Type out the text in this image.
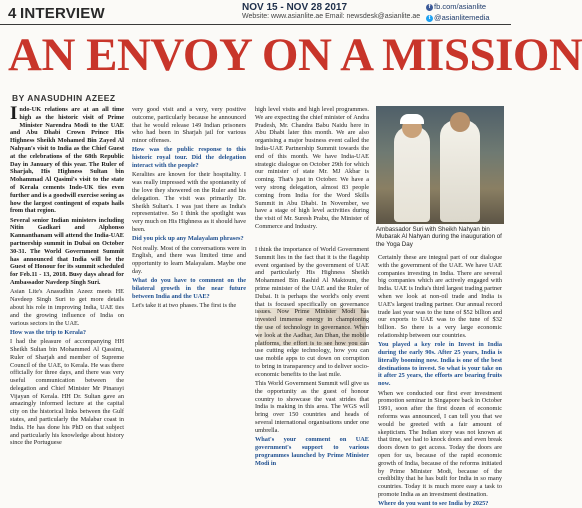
4 INTERVIEW	NOV 15 - NOV 28 2017
Website: www.asianlite.ae Email: newsdesk@asianlite.ae
f fb.com/asianlite
t @asianlitemedia
AN ENVOY ON A MISSION
BY ANASUDHIN AZEEZ

Indo-UK relations are at an all time high as the historic visit of Prime Minister Narendra Modi to the UAE and Abu Dhabi Crown Prince His Highness Sheikh Mohamed Bin Zayed Al Nahyan's visit to India as the Chief Guest at the celebrations of the 68th Republic Day in January of this year. The Ruler of Sharjah, His Highness Sultan bin Mohammad Al Qasimi's visit to the state of Kerala cements Indo-UK ties even further and is a goodwill exercise seeing as how the largest contingent of expats hails from that region.

Several senior Indian ministers including Nitin Gadkari and Alphonso Kannanthanam will attend the India-UAE partnership summit in Dubai on October 30-31. The World Government Summit has announced that India will be the Guest of Honour for its summit scheduled for Feb.11 - 13, 2018. Busy days ahead for Ambassador Navdeep Singh Suri.

Asian Lite's Anasudhin Azeez meets HE Navdeep Singh Suri to get more details about his role in improving India, UAE ties and the growing influence of India on various sectors in the UAE.

How was the trip to Kerala?

I had the pleasure of accompanying HH Sheikh Sultan bin Mohammed Al Qassimi, Ruler of Sharjah and member of Supreme Council of the UAE, to Kerala. He was there officially for three days, and there was very useful communication between the delegation and Chief Minister Mr Pinarayi Vijayan of Kerala. HH Dr. Sultan gave an amazingly informed lecture at the capital city on the historical links between the Gulf states, and particularly the Malabar coast in India. He has done his PhD on that subject and particularly his knowledge about history since the Portuguese

very good visit and a very, very positive outcome, particularly because he announced that he would release 149 Indian prisoners who had been in Sharjah jail for various minor offenses.

How was the public response to this historic royal tour. Did the delegation interact with the people?

Keralites are known for their hospitality. I was really impressed with the spontaneity of the love they showered on the Ruler and his delegation. The visit was primarily Dr. Sheikh Sultan's. I was just there as India's representative. So I think the spotlight was very much on His Highness as it should have been.

Did you pick up any Malayalam phrases?

Not really. Most of the conversations were in English, and there was limited time and opportunity to learn Malayalam. Maybe one day.

What do you have to comment on the bilateral growth in the near future between India and the UAE?

Let's take it at two phases. The first is the

high level visits and high level programmes. We are expecting the chief minister of Andra Pradesh, Mr. Chandra Babu Naidu here in Abu Dhabi later this month. We are also organising a major business event called the India-UAE Partnership Summit towards the end of this month. We have India-UAE strategic dialogue on October 29th for which our minister of state Mr. MJ Akbar is coming. That's just in October. We have a very strong delegation, almost 83 people coming from India for the Word Skills Summit in Abu Dhabi. In November, we have a stage of high level activities during the visit of Mr. Suresh Prabu, the Minister of Commerce and Industry.

I think the importance of World Government Summit lies in the fact that it is the flagship event organised by the government of UAE and particularly His Highness Sheikh Mohammed Bin Rashid Al Maktoum, the prime minister of the UAE and the Ruler of Dubai. It is perhaps the world's only event that is focused specifically on governance issues. Now Prime Minister Modi has invested immense energy in championing the use of technology in governance. When we look at the Aadhar, Jan Dhan, the mobile platforms, the effort is to see how you can use cutting edge technology, how you can use mobile apps to cut down on corruption to bring in transparency and to deliver socio-economic benefits to the last mile.

This World Government Summit will give us the opportunity as the guest of honour country to showcase the vast strides that India is making in this area. The WGS will bring over 150 countries and heads of several international organisations under one umbrella.

What's your comment on UAE government's support to various programmes launched by Prime Minister Modi in

Ambassador Suri with Sheikh Nahyan bin Mubarak Al Nahyan during the inauguration of the Yoga Day

Certainly these are integral part of our dialogue with the government of the UAE. We have UAE companies investing in India. There are several big companies which are actively engaged with India. UAE is India's third largest trading partner when we look at non-oil trade and India is UAE's largest trading partner. Our annual record trade last year was to the tune of $52 billion and our exports to UAE was to the tune of $32 billion. So there is a very large economic relationship between our countries.

You played a key role in Invest in India during the early 90s. After 25 years, India is literally booming now. India is one of the best destinations to invest. So what is your take on it after 25 years, the efforts are bearing fruits now.

When we conducted our first ever investment promotion seminar in Singapore back in October 1991, soon after the first dozen of economic reforms was announced, I can tell you that we would be greeted with a fair amount of skepticism. The Indian story was not known at that time, we had to knock doors and even break doors down to get access. Today the doors are open for us, because of the rapid economic growth of India, because of the reforms initiated by Prime Minister Modi, because of the credibility that he has built for India in so many countries. Today it is much more easy a task to promote India as an investment destination.

Where do you want to see India by 2025?
